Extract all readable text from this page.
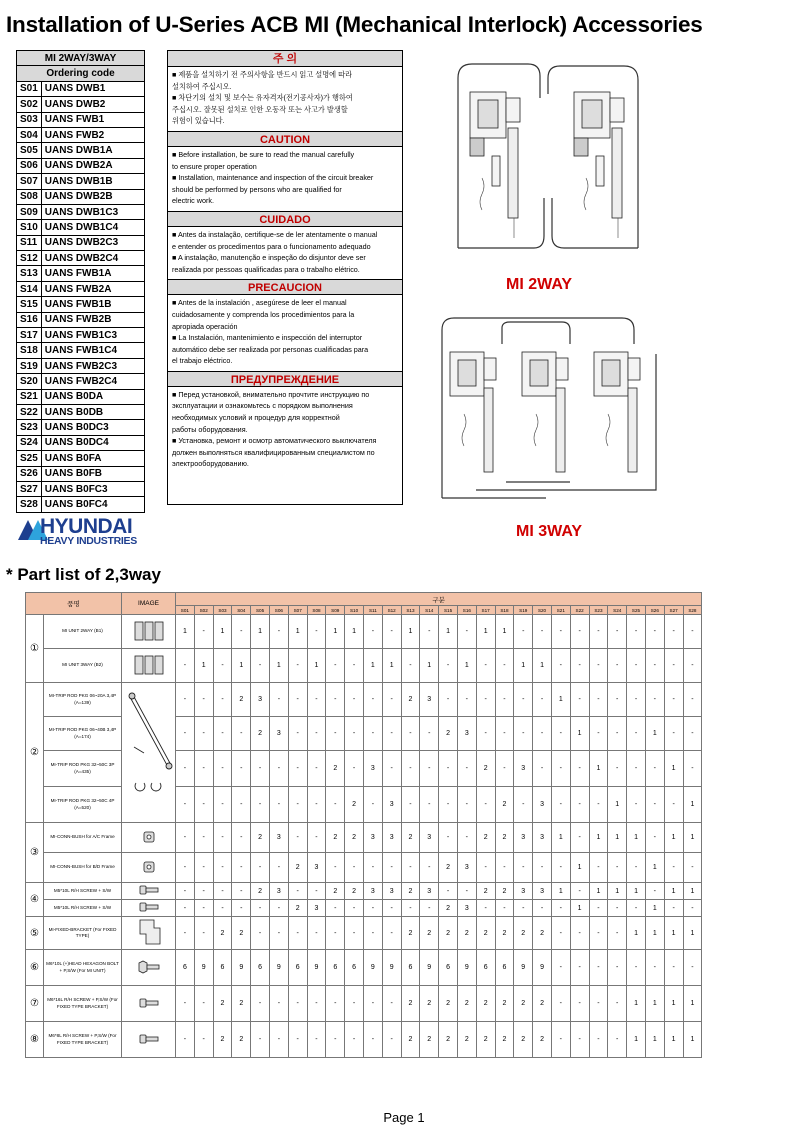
Installation of U-Series ACB MI (Mechanical Interlock) Accessories
MI 2WAY/3WAY	
Ordering code	
S01	UANS DWB1
S02	UANS DWB2
S03	UANS FWB1
S04	UANS FWB2
S05	UANS DWB1A
S06	UANS DWB2A
S07	UANS DWB1B
S08	UANS DWB2B
S09	UANS DWB1C3
S10	UANS DWB1C4
S11	UANS DWB2C3
S12	UANS DWB2C4
S13	UANS FWB1A
S14	UANS FWB2A
S15	UANS FWB1B
S16	UANS FWB2B
S17	UANS FWB1C3
S18	UANS FWB1C4
S19	UANS FWB2C3
S20	UANS FWB2C4
S21	UANS B0DA
S22	UANS B0DB
S23	UANS B0DC3
S24	UANS B0DC4
S25	UANS B0FA
S26	UANS B0FB
S27	UANS B0FC3
S28	UANS B0FC4
주 의

■ 제품을 설치하기 전 주의사항을 반드시 읽고 설명에 따라

설치하여 주십시오.

■ 차단기의 설치 및 보수는 유자격자(전기공사자)가 행하여

주십시오. 잘못된 설치로 인한 오동작 또는 사고가 발생할

위험이 있습니다.

CAUTION

■ Before installation, be sure to read the manual carefully

to ensure proper operation

■ Installation, maintenance and inspection of the circuit breaker

should be performed by persons who are qualified for

electric work.

CUIDADO

■ Antes da instalação, certifique-se de ler atentamente o manual

e entender os procedimentos para o funcionamento adequado

■ A instalação, manutenção e inspeção do disjuntor deve ser

realizada por pessoas qualificadas para o trabalho elétrico.

PRECAUCION

■ Antes de la instalación , asegúrese de leer el manual

cuidadosamente y comprenda los procedimientos para la

apropiada operación

■ La Instalación, mantenimiento e inspección del interruptor

automático debe ser realizada por personas cualificadas para

el trabajo eléctrico.

ПРЕДУПРЕЖДЕНИЕ

■ Перед установкой, внимательно прочтите инструкцию по

эксплуатации и ознакомьтесь с порядком выполнения

необходимых условий и процедур для корректной

работы оборудования.

■ Установка, ремонт и осмотр автоматического выключателя

должен выполняться квалифицированным специалистом по

электрооборудованию.

MI 2WAY
MI 3WAY
HYUNDAI
HEAVY INDUSTRIES
* Part list of 2,3way
품명		IMAGE	구분																											
			S01	S02	S03	S04	S05	S06	S07	S08	S09	S10	S11	S12	S13	S14	S15	S16	S17	S18	S19	S20	S21	S22	S23	S24	S25	S26	S27	S28
①	MI UNIT 2WAY (B1)		1	-	1	-	1	-	1	-	1	1	-	-	1	-	1	-	1	1	-	-	-	-	-	-	-	-	-	-
	MI UNIT 3WAY (B2)		-	1	-	1	-	1	-	1	-	-	1	1	-	1	-	1	-	-	1	1	-	-	-	-	-	-	-	-
②	MI-TRIP ROD PKG 06~20A 3,4P (A=139)		-	-	-	2	3	-	-	-	-	-	-	-	2	3	-	-	-	-	-	-	1	-	-	-	-	-	-	-
	MI-TRIP ROD PKG 06~40B 3,4P (A=174)		-	-	-	-	2	3	-	-	-	-	-	-	-	-	2	3	-	-	-	-	-	1	-	-	-	1	-	-
	MI-TRIP ROD PKG 32~50C 3P (A=435)		-	-	-	-	-	-	-	-	2	-	3	-	-	-	-	-	2	-	3	-	-	-	1	-	-	-	1	-
	MI-TRIP ROD PKG 32~50C 4P (A=520)		-	-	-	-	-	-	-	-	-	2	-	3	-	-	-	-	-	2	-	3	-	-	-	1	-	-	-	1
③	MI-CONN-BUSH for A/C Frame		-	-	-	-	2	3	-	-	2	2	3	3	2	3	-	-	2	2	3	3	1	-	1	1	1	-	1	1
	MI-CONN-BUSH for B/D Frame		-	-	-	-	-	-	2	3	-	-	-	-	-	-	2	3	-	-	-	-	-	1	-	-	-	1	-	-
④	M5*10L R/H SCREW + S/W		-	-	-	-	2	3	-	-	2	2	3	3	2	3	-	-	2	2	3	3	1	-	1	1	1	-	1	1
	M5*10L R/H SCREW + S/W		-	-	-	-	-	-	2	3	-	-	-	-	-	-	2	3	-	-	-	-	-	1	-	-	-	1	-	-
⑤	MI-FIXED-BRACKET (For FIXED TYPE)		-	-	2	2	-	-	-	-	-	-	-	-	2	2	2	2	2	2	2	2	-	-	-	-	1	1	1	1
⑥	M6*10L (+)HEAD HEXAGON BOLT + P,S/W (For MI UNIT)		6	9	6	9	6	9	6	9	6	6	9	9	6	9	6	9	6	6	9	9	-	-	-	-	-	-	-	-
⑦	M6*16L R/H SCREW + P,S/W (For FIXED TYPE BRACKET)		-	-	2	2	-	-	-	-	-	-	-	-	2	2	2	2	2	2	2	2	-	-	-	-	1	1	1	1
⑧	M6*8L R/H SCREW + P,S/W (For FIXED TYPE BRACKET)		-	-	2	2	-	-	-	-	-	-	-	-	2	2	2	2	2	2	2	2	-	-	-	-	1	1	1	1
Page 1
